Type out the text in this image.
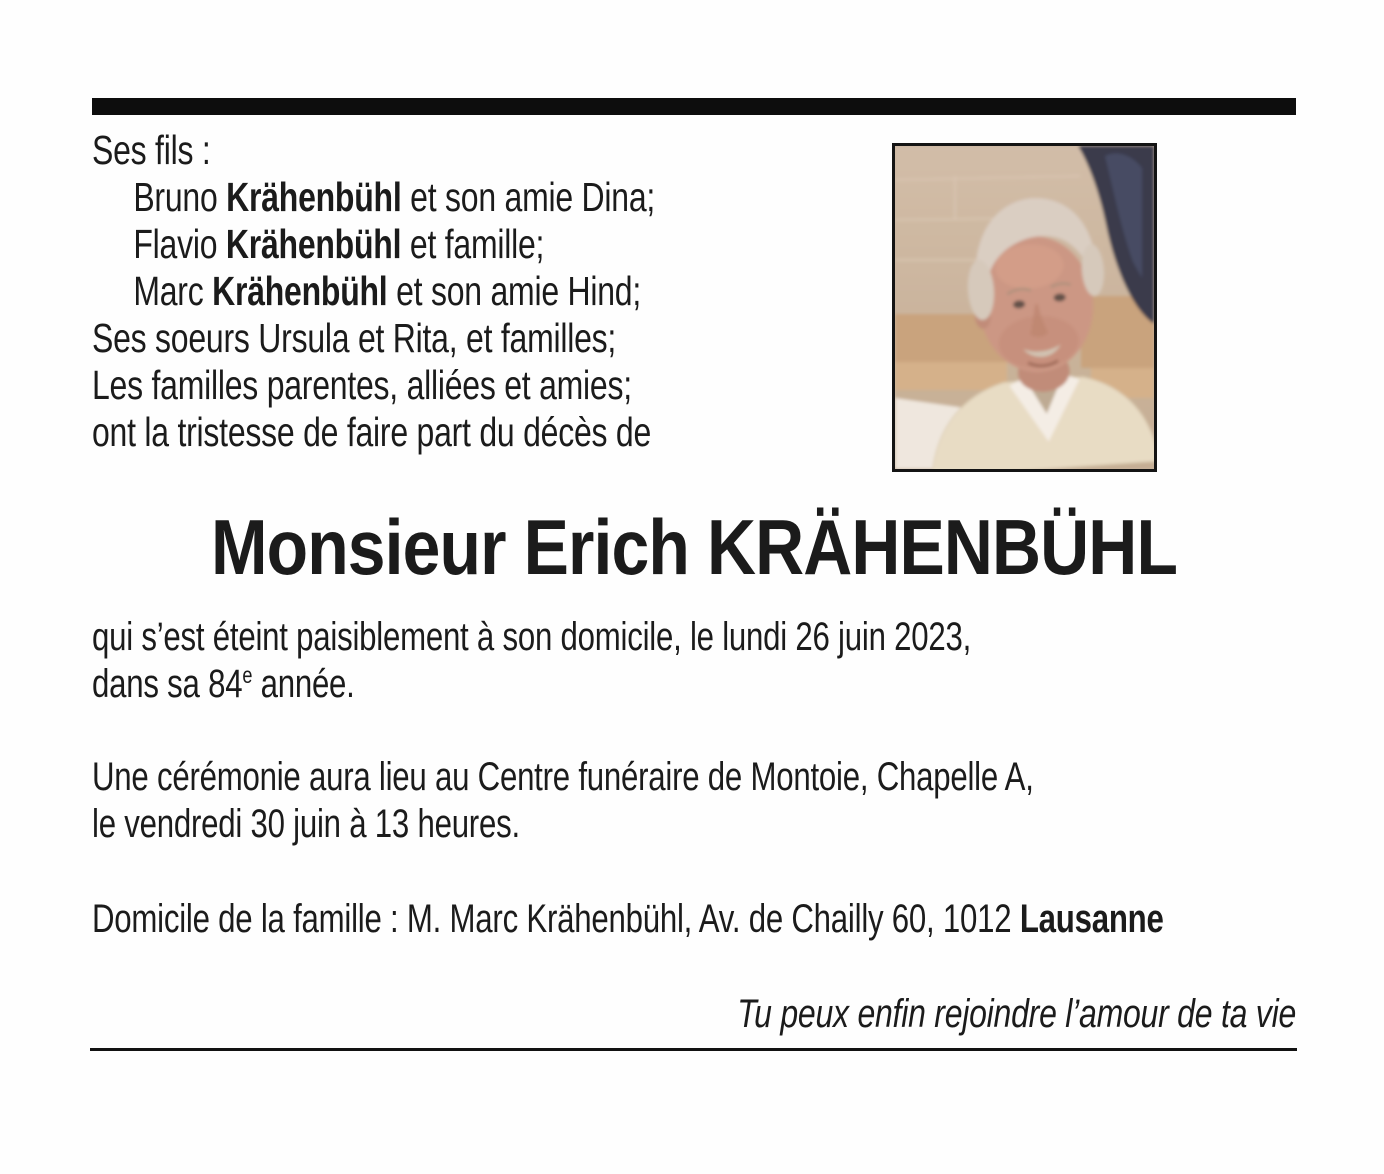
Ses fils :
Bruno Krähenbühl et son amie Dina;
Flavio Krähenbühl et famille;
Marc Krähenbühl et son amie Hind;
Ses soeurs Ursula et Rita, et familles;
Les familles parentes, alliées et amies;
ont la tristesse de faire part du décès de
Monsieur Erich KRÄHENBÜHL
qui s’est éteint paisiblement à son domicile, le lundi 26 juin 2023,
dans sa 84e année.
Une cérémonie aura lieu au Centre funéraire de Montoie, Chapelle A,
le vendredi 30 juin à 13 heures.
Domicile de la famille : M. Marc Krähenbühl, Av. de Chailly 60, 1012 Lausanne
Tu peux enfin rejoindre l’amour de ta vie
